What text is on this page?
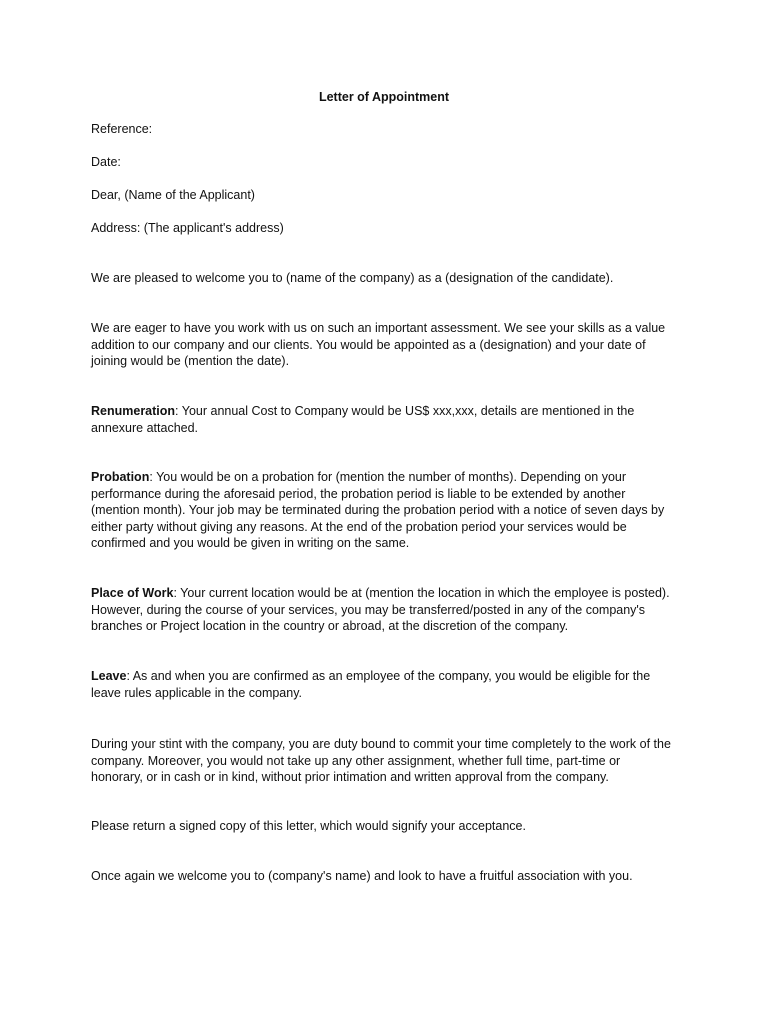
Letter of Appointment
Reference:
Date:
Dear, (Name of the Applicant)
Address: (The applicant's address)
We are pleased to welcome you to (name of the company) as a (designation of the candidate).
We are eager to have you work with us on such an important assessment. We see your skills as a value
addition to our company and our clients. You would be appointed as a (designation) and your date of
joining would be (mention the date).
Renumeration: Your annual Cost to Company would be US$ xxx,xxx, details are mentioned in the
annexure attached.
Probation: You would be on a probation for (mention the number of months). Depending on your
performance during the aforesaid period, the probation period is liable to be extended by another
(mention month). Your job may be terminated during the probation period with a notice of seven days by
either party without giving any reasons. At the end of the probation period your services would be
confirmed and you would be given in writing on the same.
Place of Work: Your current location would be at (mention the location in which the employee is posted).
However, during the course of your services, you may be transferred/posted in any of the company's
branches or Project location in the country or abroad, at the discretion of the company.
Leave: As and when you are confirmed as an employee of the company, you would be eligible for the
leave rules applicable in the company.
During your stint with the company, you are duty bound to commit your time completely to the work of the
company. Moreover, you would not take up any other assignment, whether full time, part-time or
honorary, or in cash or in kind, without prior intimation and written approval from the company.
Please return a signed copy of this letter, which would signify your acceptance.
Once again we welcome you to (company's name) and look to have a fruitful association with you.
